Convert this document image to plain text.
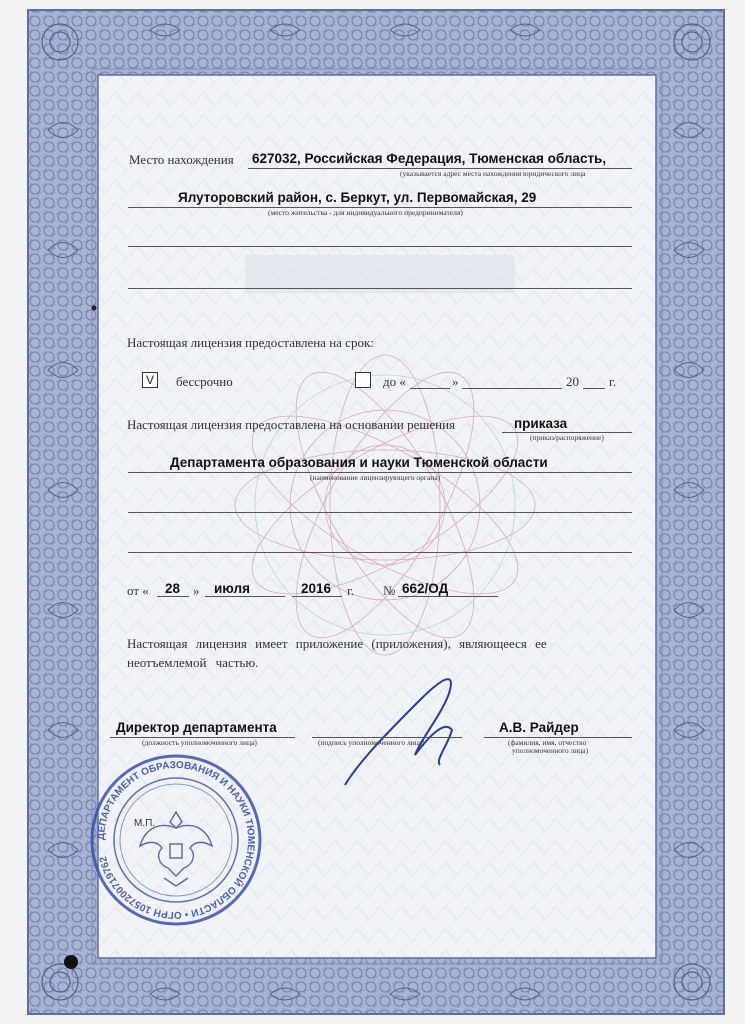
Место нахождения 627032, Российская Федерация, Тюменская область,
(указывается адрес места нахождения юридического лица
Ялуторовский район, с. Беркут, ул. Первомайская, 29
(место жительства - для индивидуального предпринимателя)
Настоящая лицензия предоставлена на срок:
V	бессрочно	до «	»	20 г.
Настоящая лицензия предоставлена на основании решения	приказа
(приказ/распоряжение)
Департамента образования и науки Тюменской области
(наименование лицензирующего органа)
от « 28 » июля	2016 г. № 662/ОД
Настоящая лицензия имеет приложение (приложения), являющееся ее
неотъемлемой частью.
Директор департамента
(должность уполномоченного лица)	(подпись уполномоченного лица)
А.В. Райдер
(фамилия, имя, отчество
уполномоченного лица)
ДЕПАРТАМЕНТ ОБРАЗОВАНИЯ И НАУКИ ТЮМЕНСКОЙ ОБЛАСТИ • ОГРН 1057200719762
М.П.
